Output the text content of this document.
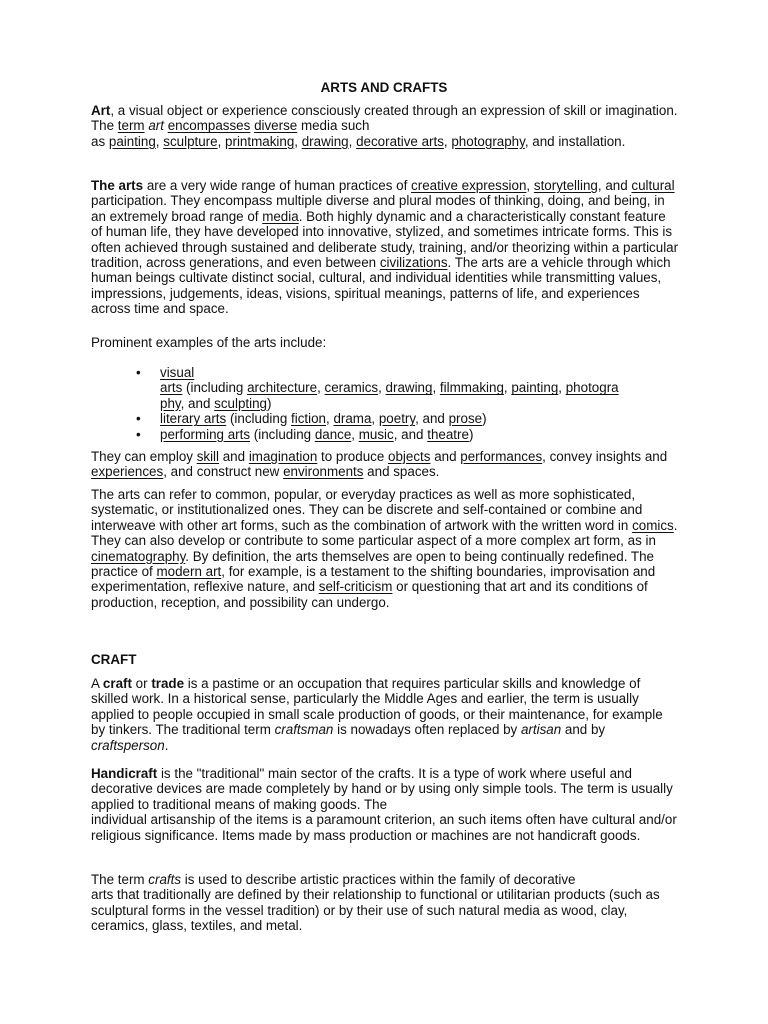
ARTS AND CRAFTS

Art, a visual object or experience consciously created through an expression of skill or imagination. The term art encompasses diverse media such
as painting, sculpture, printmaking, drawing, decorative arts, photography, and installation.

The arts are a very wide range of human practices of creative expression, storytelling, and cultural participation. They encompass multiple diverse and plural modes of thinking, doing, and being, in an extremely broad range of media. Both highly dynamic and a characteristically constant feature of human life, they have developed into innovative, stylized, and sometimes intricate forms. This is often achieved through sustained and deliberate study, training, and/or theorizing within a particular tradition, across generations, and even between civilizations. The arts are a vehicle through which human beings cultivate distinct social, cultural, and individual identities while transmitting values, impressions, judgements, ideas, visions, spiritual meanings, patterns of life, and experiences across time and space.

Prominent examples of the arts include:

• visual
arts (including architecture, ceramics, drawing, filmmaking, painting, photogra
phy, and sculpting)
• literary arts (including fiction, drama, poetry, and prose)
• performing arts (including dance, music, and theatre)

They can employ skill and imagination to produce objects and performances, convey insights and experiences, and construct new environments and spaces.

The arts can refer to common, popular, or everyday practices as well as more sophisticated, systematic, or institutionalized ones. They can be discrete and self-contained or combine and interweave with other art forms, such as the combination of artwork with the written word in comics. They can also develop or contribute to some particular aspect of a more complex art form, as in cinematography. By definition, the arts themselves are open to being continually redefined. The practice of modern art, for example, is a testament to the shifting boundaries, improvisation and experimentation, reflexive nature, and self-criticism or questioning that art and its conditions of production, reception, and possibility can undergo.

CRAFT

A craft or trade is a pastime or an occupation that requires particular skills and knowledge of skilled work. In a historical sense, particularly the Middle Ages and earlier, the term is usually applied to people occupied in small scale production of goods, or their maintenance, for example by tinkers. The traditional term craftsman is nowadays often replaced by artisan and by craftsperson.

Handicraft is the "traditional" main sector of the crafts. It is a type of work where useful and decorative devices are made completely by hand or by using only simple tools. The term is usually applied to traditional means of making goods. The
individual artisanship of the items is a paramount criterion, an such items often have cultural and/or religious significance. Items made by mass production or machines are not handicraft goods.

The term crafts is used to describe artistic practices within the family of decorative
arts that traditionally are defined by their relationship to functional or utilitarian products (such as sculptural forms in the vessel tradition) or by their use of such natural media as wood, clay, ceramics, glass, textiles, and metal.
